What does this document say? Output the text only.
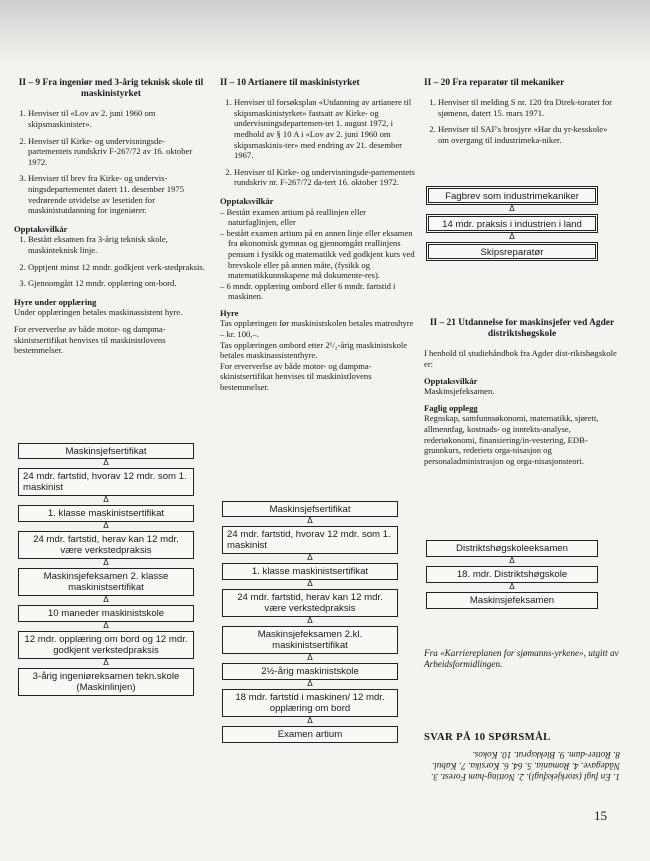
II – 9 Fra ingeniør med 3-årig teknisk skole til maskinistyrket
1. Henviser til «Lov av 2. juni 1960 om skipsmaskinister».
2. Henviser til Kirke- og undervisningsde-partementets rundskriv F-267/72 av 16. oktober 1972.
3. Henviser til brev fra Kirke- og undervis-ningsdepartementet datert 11. desember 1975 vedrørende utvidelse av lesetiden for maskinistutdanning for ingeniører.
Opptaksvilkår
1. Bestått eksamen fra 3-årig teknisk skole, maskinteknisk linje.
2. Opptjent minst 12 mndr. godkjent verk-stedpraksis.
3. Gjennomgått 12 mndr. opplæring om-bord.
Hyre under opplæring

Under opplæringen betales maskinassistent hyre.

For erververlse av både motor- og dampma-skinistsertifikat henvises til maskinistlovens bestemmelser.

Maskinsjefsertifikat
Δ
24 mdr. fartstid, hvorav 12 mdr. som 1. maskinist
Δ
1. klasse maskinistsertifikat
Δ
24 mdr. fartstid, herav kan 12 mdr. være verkstedpraksis
Δ
Maskinsjefeksamen 2. klasse maskinistsertifikat
Δ
10 maneder maskinistskole
Δ
12 mdr. opplæring om bord og 12 mdr. godkjent verkstedpraksis
Δ
3-årig ingeniøreksamen tekn.skole (Maskinlinjen)
II – 10 Artianere til maskinistyrket
1. Henviser til forsøksplan «Utdanning av artianere til skipsmaskinistyrket» fastsatt av Kirke- og undervisningsdepartemen-tet 1. august 1972, i medhold av § 10 A i «Lov av 2. juni 1960 om skipsmaskinis-ter» med endring av 21. desember 1967.
2. Henviser til Kirke- og undervisningsde-partementets rundskriv nr. F-267/72 da-tert 16. oktober 1972.
Opptaksvilkår
– Bestått examen artium på reallinjen eller naturfaglinjen, eller
– bestått examen artium på en annen linje eller eksamen fra økonomisk gymnas og gjennomgått reallinjens pensum i fysikk og matematikk ved godkjent kurs ved brevskole eller på annen måte, (fysikk og matematikkunnskapene må dokumente-res).
– 6 mndr. opplæring ombord eller 6 mndr. fartstid i maskinen.
Hyre
Tas opplæringen før maskinistskolen betales matroshyre – kr. 100,–.
Tas opplæringen ombord etter 2¹/₂-årig maskinistskole betales maskinassistenthyre.
For erververlse av både motor- og dampma-skinistsertifikat henvises til maskinistlovens bestemmelser.
Maskinsjefsertifikat
Δ
24 mdr. fartstid, hvorav 12 mdr. som 1. maskinist
Δ
1. klasse maskinistsertifikat
Δ
24 mdr. fartstid, herav kan 12 mdr. være verkstedpraksis
Δ
Maskinsjefeksamen 2.kl. maskinistsertifikat
Δ
2½-årig maskinistskole
Δ
18 mdr. fartstid i maskinen/ 12 mdr. opplæring om bord
Δ
Examen artium
II – 20 Fra reparatør til mekaniker
1. Henviser til melding S nr. 120 fra Direk-toratet for sjømenn, datert 15. mars 1971.
2. Henviser til SAF's brosjyre «Har du yr-kesskole» om overgang til industrimeka-niker.
Fagbrev som industrimekaniker
Δ
14 mdr. praksis i industrien i land
Δ
Skipsreparatør
II – 21 Utdannelse for maskinsjefer ved Agder distriktshøgskole

I henhold til studiehåndbok fra Agder dist-riktshøgskole er:

Opptaksvilkår

Maskinsjefeksamen.

Faglig opplegg

Regnskap, samfunnsøkonomi, matematikk, sjørett, allmennfag, kostnads- og inntekts-analyse, rederiøkonomi, finansiering/in-vestering, EDB-grunnkurs, rederiets orga-nisasjon og personaladministrasjon og orga-nisasjonsteori.

Distriktshøgskoleeksamen
Δ
18. mdr. Distriktshøgskole
Δ
Maskinsjefeksamen
Fra «Karriereplanen for sjømanns-yrkene», utgitt av Arbeidsformidlingen.
SVAR PÅ 10 SPØRSMÅL
1. En fugl (storkjeksfugl). 2. Notting-ham Forest. 3. Nådegave. 4. Romania. 5. 64. 6. Korsika. 7. Kabul. 8. Rotter-dam. 9. Blekksprut. 10. Kokos.
15
